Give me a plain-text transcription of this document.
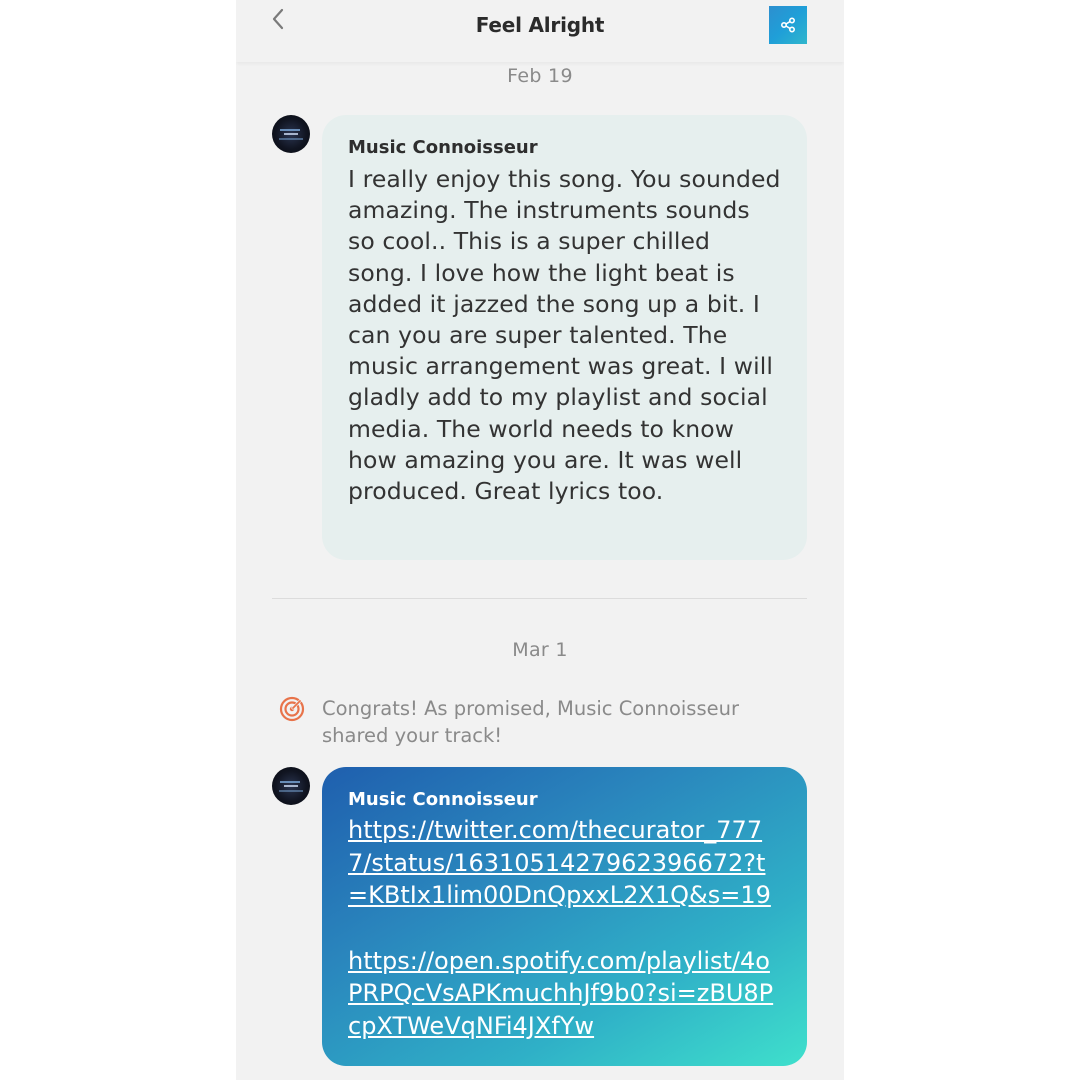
Feel Alright
Feb 19
Music Connoisseur
I really enjoy this song. You sounded amazing. The instruments sounds so cool.. This is a super chilled song. I love how the light beat is added it jazzed the song up a bit. I can you are super talented. The music arrangement was great. I will gladly add to my playlist and social media. The world needs to know how amazing you are. It was well produced. Great lyrics too.
Mar 1
Congrats! As promised, Music Connoisseur shared your track!
Music Connoisseur
https://twitter.com/thecurator_7777/status/1631051427962396672?t=KBtIx1lim00DnQpxxL2X1Q&s=19
https://open.spotify.com/playlist/4oPRPQcVsAPKmuchhJf9b0?si=zBU8PcpXTWeVqNFi4JXfYw
